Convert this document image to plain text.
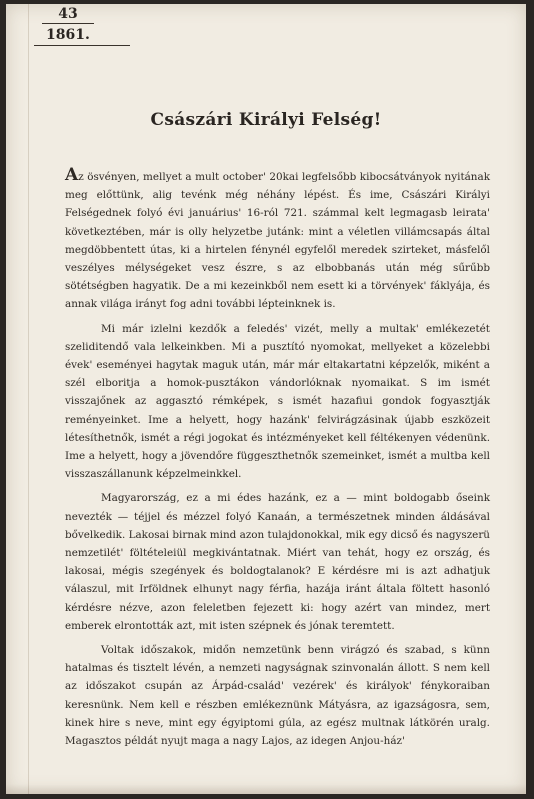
43
1861.
Császári Királyi Felség!

Az ösvényen, mellyet a mult october' 20kai legfelsőbb kibocsátványok nyitának meg előttünk, alig tevénk még néhány lépést. És ime, Császári Királyi Felségednek folyó évi januárius' 16-ról 721. számmal kelt legmagasb leirata' következtében, már is olly helyzetbe jutánk: mint a véletlen villámcsapás által megdöbbentett útas, ki a hirtelen fénynél egyfelől meredek szirteket, másfelől veszélyes mélységeket vesz észre, s az elbobbanás után még sűrűbb sötétségben hagyatik. De a mi kezeinkből nem esett ki a törvények' fáklyája, és annak világa irányt fog adni további lépteinknek is.

Mi már izlelni kezdők a feledés' vizét, melly a multak' emlékezetét szeliditendő vala lelkeinkben. Mi a pusztító nyomokat, mellyeket a közelebbi évek' eseményei hagytak maguk után, már már eltakartatni képzelők, miként a szél elboritja a homok-pusztákon vándorlóknak nyomaikat. S im ismét visszajőnek az aggasztó rémképek, s ismét hazafiui gondok fogyasztják reményeinket. Ime a helyett, hogy hazánk' felvirágzásinak újabb eszközeit létesíthetnők, ismét a régi jogokat és intézményeket kell féltékenyen védenünk. Ime a helyett, hogy a jövendőre függeszthetnők szemeinket, ismét a multba kell visszaszállanunk képzelmeinkkel.

Magyarország, ez a mi édes hazánk, ez a — mint boldogabb őseink nevezték — téjjel és mézzel folyó Kanaán, a természetnek minden áldásával bővelkedik. Lakosai birnak mind azon tulajdonokkal, mik egy dicső és nagyszerü nemzetilét' föltételeiül megkivántatnak. Miért van tehát, hogy ez ország, és lakosai, mégis szegények és boldogtalanok? E kérdésre mi is azt adhatjuk válaszul, mit Irföldnek elhunyt nagy férfia, hazája iránt általa föltett hasonló kérdésre nézve, azon feleletben fejezett ki: hogy azért van mindez, mert emberek elrontották azt, mit isten szépnek és jónak teremtett.

Voltak időszakok, midőn nemzetünk benn virágzó és szabad, s künn hatalmas és tisztelt lévén, a nemzeti nagyságnak szinvonalán állott. S nem kell az időszakot csupán az Árpád-család' vezérek' és királyok' fénykoraiban keresnünk. Nem kell e részben emlékeznünk Mátyásra, az igazságosra, sem, kinek hire s neve, mint egy égyiptomi gúla, az egész multnak látkörén uralg. Magasztos példát nyujt maga a nagy Lajos, az idegen Anjou-ház'
